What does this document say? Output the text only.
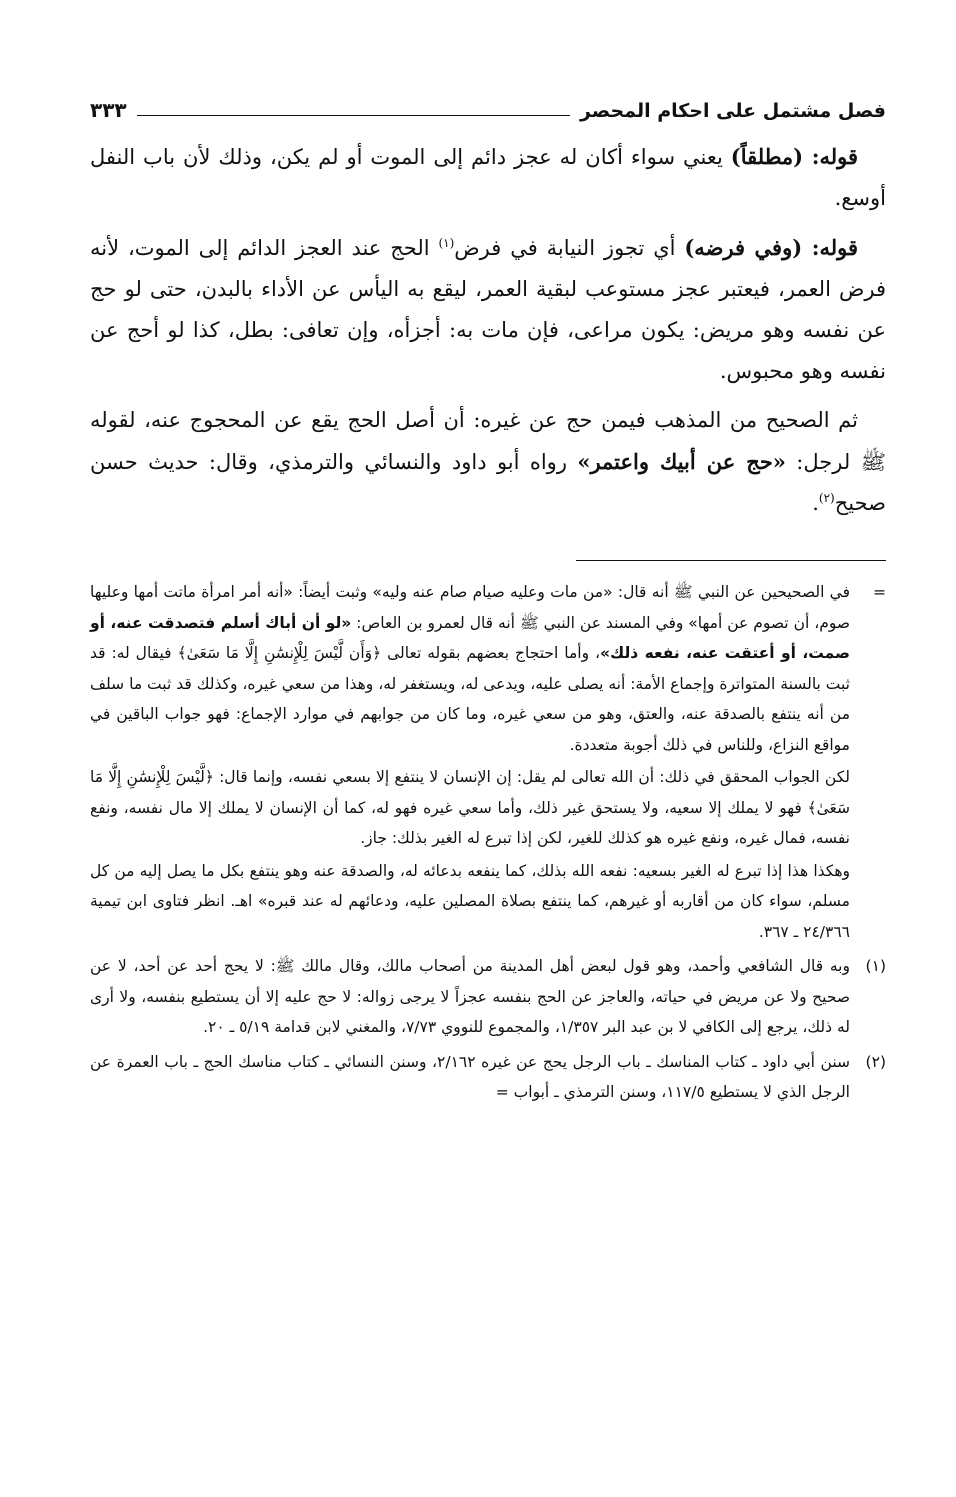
فصل مشتمل على احكام المحصر
٣٣٣

قوله: (مطلقاً) يعني سواء أكان له عجز دائم إلى الموت أو لم يكن، وذلك لأن باب النفل أوسع.

قوله: (وفي فرضه) أي تجوز النيابة في فرض$^{(١)}$ الحج عند العجز الدائم إلى الموت، لأنه فرض العمر، فيعتبر عجز مستوعب لبقية العمر، ليقع به اليأس عن الأداء بالبدن، حتى لو حج عن نفسه وهو مريض: يكون مراعى، فإن مات به: أجزأه، وإن تعافى: بطل، كذا لو أحج عن نفسه وهو محبوس.

ثم الصحيح من المذهب فيمن حج عن غيره: أن أصل الحج يقع عن المحجوج عنه، لقوله ﷺ لرجل: «حج عن أبيك واعتمر» رواه أبو داود والنسائي والترمذي، وقال: حديث حسن صحيح$^{(٢)}$.

=

في الصحيحين عن النبي ﷺ أنه قال: «من مات وعليه صيام صام عنه وليه» وثبت أيضاً: «أنه أمر امرأة ماتت أمها وعليها صوم، أن تصوم عن أمها» وفي المسند عن النبي ﷺ أنه قال لعمرو بن العاص: «لو أن أباك أسلم فتصدقت عنه، أو صمت، أو أعتقت عنه، نفعه ذلك»، وأما احتجاج بعضهم بقوله تعالى ﴿وَأَن لَّيْسَ لِلْإِنسَٰنِ إِلَّا مَا سَعَىٰ﴾ فيقال له: قد ثبت بالسنة المتواترة وإجماع الأمة: أنه يصلى عليه، ويدعى له، ويستغفر له، وهذا من سعي غيره، وكذلك قد ثبت ما سلف من أنه ينتفع بالصدقة عنه، والعتق، وهو من سعي غيره، وما كان من جوابهم في موارد الإجماع: فهو جواب الباقين في مواقع النزاع، وللناس في ذلك أجوبة متعددة.

لكن الجواب المحقق في ذلك: أن الله تعالى لم يقل: إن الإنسان لا ينتفع إلا بسعي نفسه، وإنما قال: ﴿لَّيْسَ لِلْإِنسَٰنِ إِلَّا مَا سَعَىٰ﴾ فهو لا يملك إلا سعيه، ولا يستحق غير ذلك، وأما سعي غيره فهو له، كما أن الإنسان لا يملك إلا مال نفسه، ونفع نفسه، فمال غيره، ونفع غيره هو كذلك للغير، لكن إذا تبرع له الغير بذلك: جاز.

وهكذا هذا إذا تبرع له الغير بسعيه: نفعه الله بذلك، كما ينفعه بدعائه له، والصدقة عنه وهو ينتفع بكل ما يصل إليه من كل مسلم، سواء كان من أقاربه أو غيرهم، كما ينتفع بصلاة المصلين عليه، ودعائهم له عند قبره» اهـ. انظر فتاوى ابن تيمية ٢٤/٣٦٦ ـ ٣٦٧.

(١)

وبه قال الشافعي وأحمد، وهو قول لبعض أهل المدينة من أصحاب مالك، وقال مالك ﷺ: لا يحج أحد عن أحد، لا عن صحيح ولا عن مريض في حياته، والعاجز عن الحج بنفسه عجزاً لا يرجى زواله: لا حج عليه إلا أن يستطيع بنفسه، ولا أرى له ذلك، يرجع إلى الكافي لا بن عبد البر ١/٣٥٧، والمجموع للنووي ٧/٧٣، والمغني لابن قدامة ٥/١٩ ـ ٢٠.

(٢)

سنن أبي داود ـ كتاب المناسك ـ باب الرجل يحج عن غيره ٢/١٦٢، وسنن النسائي ـ كتاب مناسك الحج ـ باب العمرة عن الرجل الذي لا يستطيع ١١٧/٥، وسنن الترمذي ـ أبواب =
